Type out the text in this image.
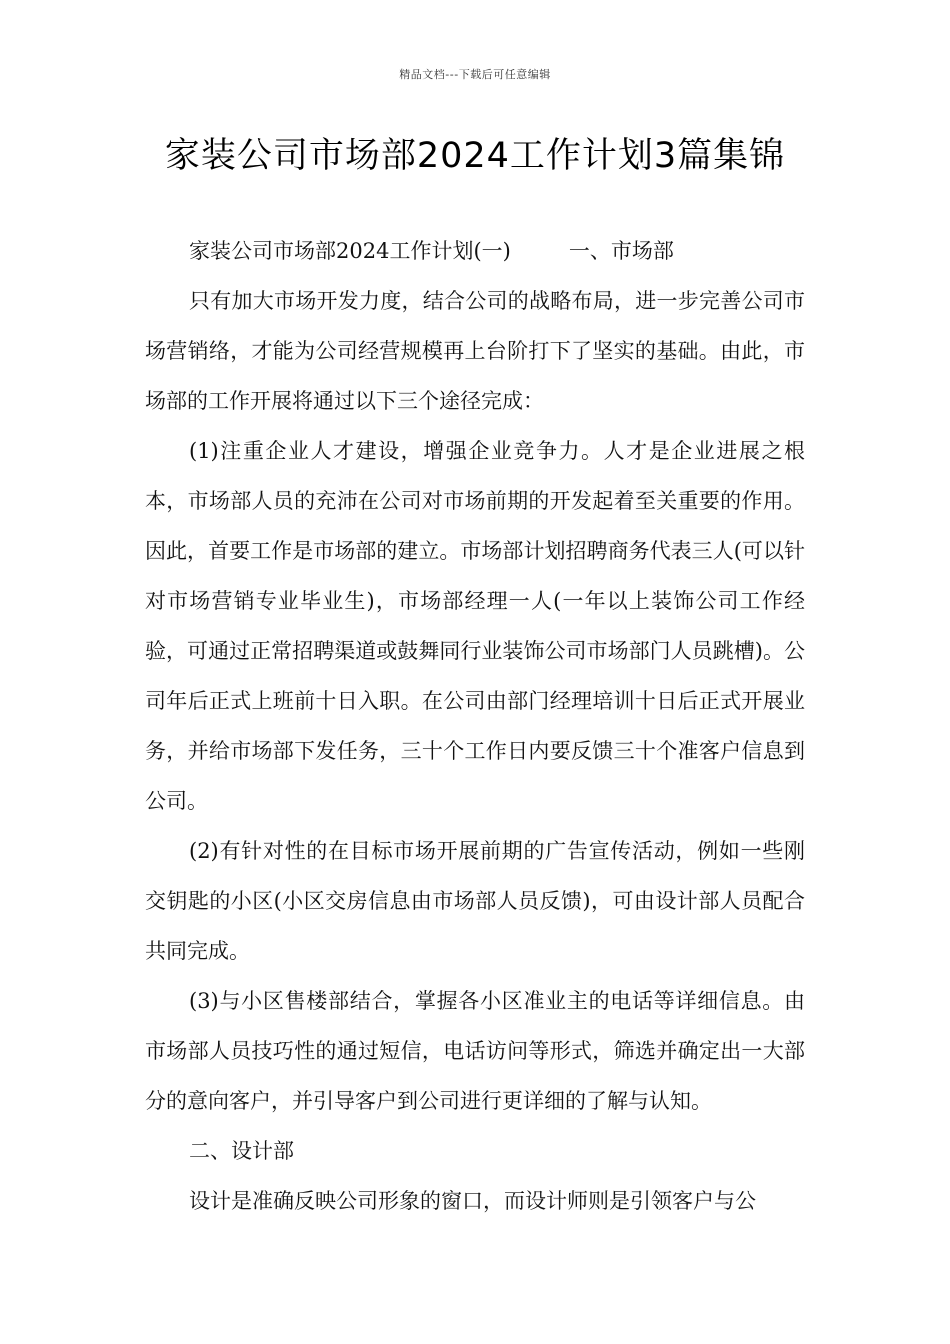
精品文档---下载后可任意编辑
家装公司市场部2024工作计划3篇集锦

家装公司市场部2024工作计划(一)	一、市场部

只有加大市场开发力度，结合公司的战略布局，进一步完善公司市场营销络，才能为公司经营规模再上台阶打下了坚实的基础。由此，市场部的工作开展将通过以下三个途径完成：

(1)注重企业人才建设，增强企业竞争力。人才是企业进展之根本，市场部人员的充沛在公司对市场前期的开发起着至关重要的作用。因此，首要工作是市场部的建立。市场部计划招聘商务代表三人(可以针对市场营销专业毕业生)，市场部经理一人(一年以上装饰公司工作经验，可通过正常招聘渠道或鼓舞同行业装饰公司市场部门人员跳槽)。公司年后正式上班前十日入职。在公司由部门经理培训十日后正式开展业务，并给市场部下发任务，三十个工作日内要反馈三十个准客户信息到公司。

(2)有针对性的在目标市场开展前期的广告宣传活动，例如一些刚交钥匙的小区(小区交房信息由市场部人员反馈)，可由设计部人员配合共同完成。

(3)与小区售楼部结合，掌握各小区准业主的电话等详细信息。由市场部人员技巧性的通过短信，电话访问等形式，筛选并确定出一大部分的意向客户，并引导客户到公司进行更详细的了解与认知。

二、设计部

设计是准确反映公司形象的窗口，而设计师则是引领客户与公
